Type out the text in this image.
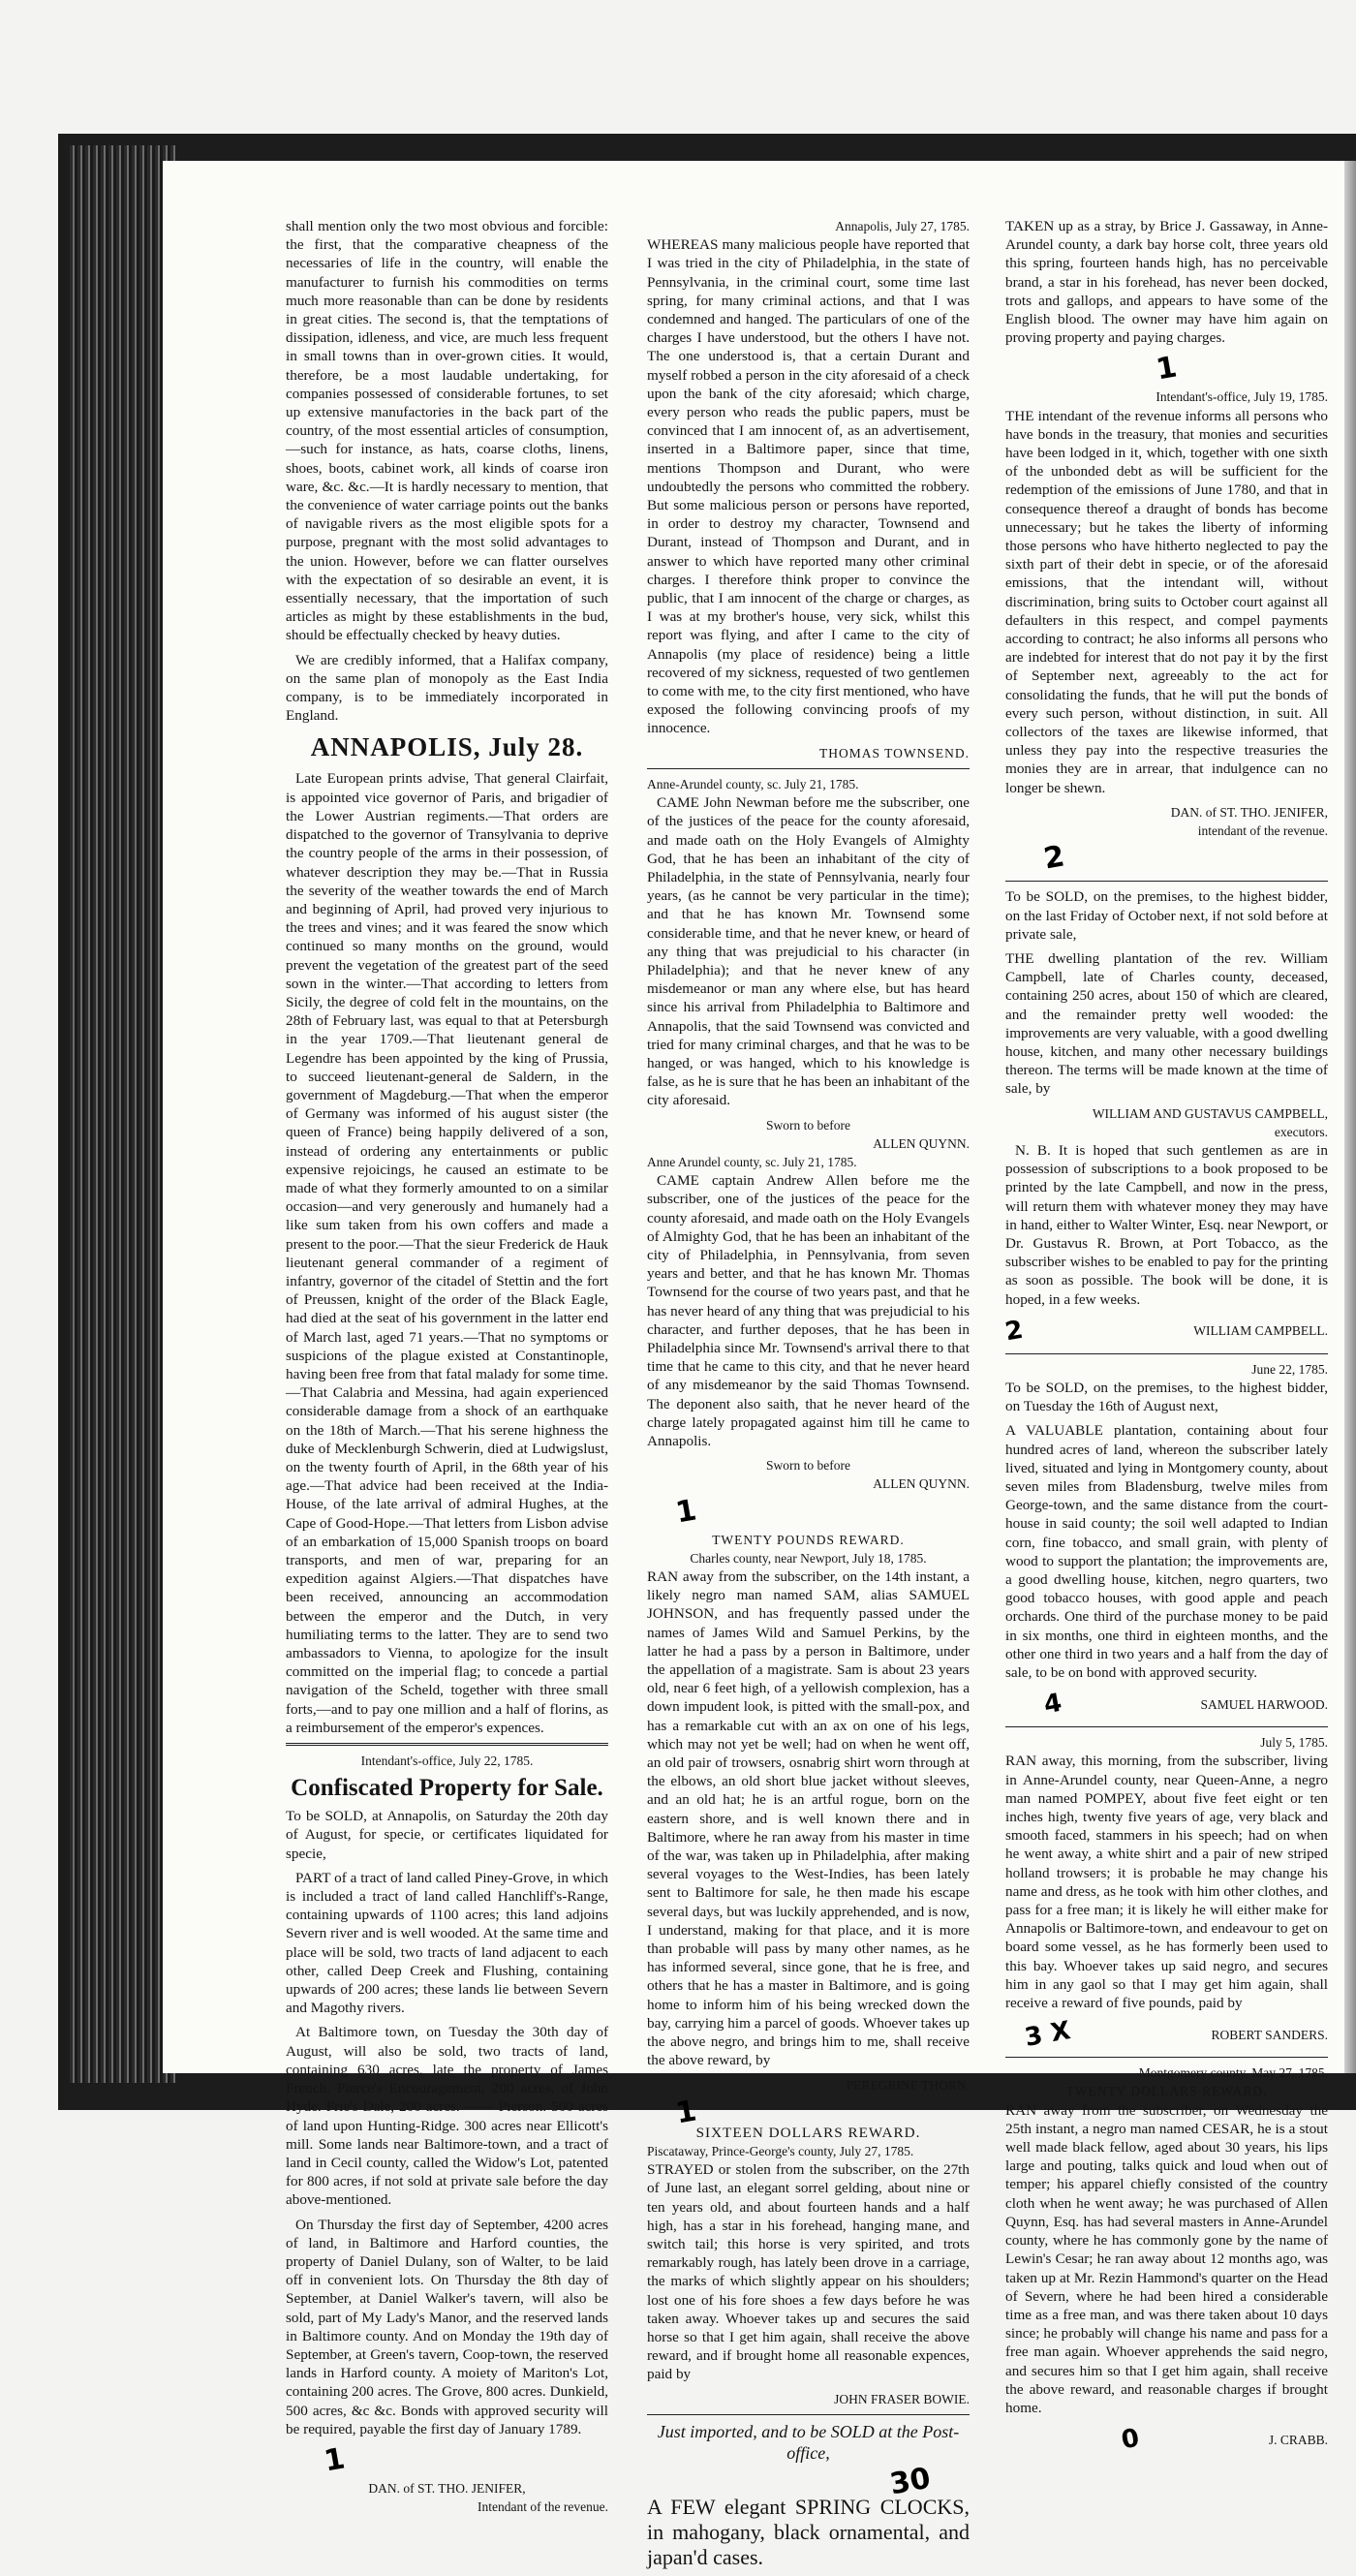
shall mention only the two most obvious and forcible: the first, that the comparative cheapness of the necessaries of life in the country, will enable the manufacturer to furnish his commodities on terms much more reasonable than can be done by residents in great cities. The second is, that the temptations of dissipation, idleness, and vice, are much less frequent in small towns than in over-grown cities. It would, therefore, be a most laudable undertaking, for companies possessed of considerable fortunes, to set up extensive manufactories in the back part of the country, of the most essential articles of consumption,—such for instance, as hats, coarse cloths, linens, shoes, boots, cabinet work, all kinds of coarse iron ware, &c. &c.—It is hardly necessary to mention, that the convenience of water carriage points out the banks of navigable rivers as the most eligible spots for a purpose, pregnant with the most solid advantages to the union. However, before we can flatter ourselves with the expectation of so desirable an event, it is essentially necessary, that the importation of such articles as might by these establishments in the bud, should be effectually checked by heavy duties.

We are credibly informed, that a Halifax company, on the same plan of monopoly as the East India company, is to be immediately incorporated in England.

ANNAPOLIS, July 28.

Late European prints advise, That general Clairfait, is appointed vice governor of Paris, and brigadier of the Lower Austrian regiments.—That orders are dispatched to the governor of Transylvania to deprive the country people of the arms in their possession, of whatever description they may be.—That in Russia the severity of the weather towards the end of March and beginning of April, had proved very injurious to the trees and vines; and it was feared the snow which continued so many months on the ground, would prevent the vegetation of the greatest part of the seed sown in the winter.—That according to letters from Sicily, the degree of cold felt in the mountains, on the 28th of February last, was equal to that at Petersburgh in the year 1709.—That lieutenant general de Legendre has been appointed by the king of Prussia, to succeed lieutenant-general de Saldern, in the government of Magdeburg.—That when the emperor of Germany was informed of his august sister (the queen of France) being happily delivered of a son, instead of ordering any entertainments or public expensive rejoicings, he caused an estimate to be made of what they formerly amounted to on a similar occasion—and very generously and humanely had a like sum taken from his own coffers and made a present to the poor.—That the sieur Frederick de Hauk lieutenant general commander of a regiment of infantry, governor of the citadel of Stettin and the fort of Preussen, knight of the order of the Black Eagle, had died at the seat of his government in the latter end of March last, aged 71 years.—That no symptoms or suspicions of the plague existed at Constantinople, having been free from that fatal malady for some time.—That Calabria and Messina, had again experienced considerable damage from a shock of an earthquake on the 18th of March.—That his serene highness the duke of Mecklenburgh Schwerin, died at Ludwigslust, on the twenty fourth of April, in the 68th year of his age.—That advice had been received at the India-House, of the late arrival of admiral Hughes, at the Cape of Good-Hope.—That letters from Lisbon advise of an embarkation of 15,000 Spanish troops on board transports, and men of war, preparing for an expedition against Algiers.—That dispatches have been received, announcing an accommodation between the emperor and the Dutch, in very humiliating terms to the latter. They are to send two ambassadors to Vienna, to apologize for the insult committed on the imperial flag; to concede a partial navigation of the Scheld, together with three small forts,—and to pay one million and a half of florins, as a reimbursement of the emperor's expences.

Intendant's-office, July 22, 1785.
Confiscated Property for Sale.

To be SOLD, at Annapolis, on Saturday the 20th day of August, for specie, or certificates liquidated for specie,

PART of a tract of land called Piney-Grove, in which is included a tract of land called Hanchliff's-Range, containing upwards of 1100 acres; this land adjoins Severn river and is well wooded. At the same time and place will be sold, two tracts of land adjacent to each other, called Deep Creek and Flushing, containing upwards of 200 acres; these lands lie between Severn and Magothy rivers.

At Baltimore town, on Tuesday the 30th day of August, will also be sold, two tracts of land, containing 630 acres, late the property of James French. Pierce's Encouragement, 200 acres, of John Hyde. Frie's Dale, 200 acres. —— Pierson. 500 acres of land upon Hunting-Ridge. 300 acres near Ellicott's mill. Some lands near Baltimore-town, and a tract of land in Cecil county, called the Widow's Lot, patented for 800 acres, if not sold at private sale before the day above-mentioned.

On Thursday the first day of September, 4200 acres of land, in Baltimore and Harford counties, the property of Daniel Dulany, son of Walter, to be laid off in convenient lots. On Thursday the 8th day of September, at Daniel Walker's tavern, will also be sold, part of My Lady's Manor, and the reserved lands in Baltimore county. And on Monday the 19th day of September, at Green's tavern, Coop-town, the reserved lands in Harford county. A moiety of Mariton's Lot, containing 200 acres. The Grove, 800 acres. Dunkield, 500 acres, &c &c. Bonds with approved security will be required, payable the first day of January 1789.

1
DAN. of ST. THO. JENIFER,
Intendant of the revenue.
Annapolis, July 27, 1785.

WHEREAS many malicious people have reported that I was tried in the city of Philadelphia, in the state of Pennsylvania, in the criminal court, some time last spring, for many criminal actions, and that I was condemned and hanged. The particulars of one of the charges I have understood, but the others I have not. The one understood is, that a certain Durant and myself robbed a person in the city aforesaid of a check upon the bank of the city aforesaid; which charge, every person who reads the public papers, must be convinced that I am innocent of, as an advertisement, inserted in a Baltimore paper, since that time, mentions Thompson and Durant, who were undoubtedly the persons who committed the robbery. But some malicious person or persons have reported, in order to destroy my character, Townsend and Durant, instead of Thompson and Durant, and in answer to which have reported many other criminal charges. I therefore think proper to convince the public, that I am innocent of the charge or charges, as I was at my brother's house, very sick, whilst this report was flying, and after I came to the city of Annapolis (my place of residence) being a little recovered of my sickness, requested of two gentlemen to come with me, to the city first mentioned, who have exposed the following convincing proofs of my innocence.

THOMAS TOWNSEND.
Anne-Arundel county, sc. July 21, 1785.

CAME John Newman before me the subscriber, one of the justices of the peace for the county aforesaid, and made oath on the Holy Evangels of Almighty God, that he has been an inhabitant of the city of Philadelphia, in the state of Pennsylvania, nearly four years, (as he cannot be very particular in the time); and that he has known Mr. Townsend some considerable time, and that he never knew, or heard of any thing that was prejudicial to his character (in Philadelphia); and that he never knew of any misdemeanor or man any where else, but has heard since his arrival from Philadelphia to Baltimore and Annapolis, that the said Townsend was convicted and tried for many criminal charges, and that he was to be hanged, or was hanged, which to his knowledge is false, as he is sure that he has been an inhabitant of the city aforesaid.

Sworn to before
ALLEN QUYNN.
Anne Arundel county, sc. July 21, 1785.

CAME captain Andrew Allen before me the subscriber, one of the justices of the peace for the county aforesaid, and made oath on the Holy Evangels of Almighty God, that he has been an inhabitant of the city of Philadelphia, in Pennsylvania, from seven years and better, and that he has known Mr. Thomas Townsend for the course of two years past, and that he has never heard of any thing that was prejudicial to his character, and further deposes, that he has been in Philadelphia since Mr. Townsend's arrival there to that time that he came to this city, and that he never heard of any misdemeanor by the said Thomas Townsend. The deponent also saith, that he never heard of the charge lately propagated against him till he came to Annapolis.

Sworn to before
ALLEN QUYNN.
1
TWENTY POUNDS REWARD.
Charles county, near Newport, July 18, 1785.

RAN away from the subscriber, on the 14th instant, a likely negro man named SAM, alias SAMUEL JOHNSON, and has frequently passed under the names of James Wild and Samuel Perkins, by the latter he had a pass by a person in Baltimore, under the appellation of a magistrate. Sam is about 23 years old, near 6 feet high, of a yellowish complexion, has a down impudent look, is pitted with the small-pox, and has a remarkable cut with an ax on one of his legs, which may not yet be well; had on when he went off, an old pair of trowsers, osnabrig shirt worn through at the elbows, an old short blue jacket without sleeves, and an old hat; he is an artful rogue, born on the eastern shore, and is well known there and in Baltimore, where he ran away from his master in time of the war, was taken up in Philadelphia, after making several voyages to the West-Indies, has been lately sent to Baltimore for sale, he then made his escape several days, but was luckily apprehended, and is now, I understand, making for that place, and it is more than probable will pass by many other names, as he has informed several, since gone, that he is free, and others that he has a master in Baltimore, and is going home to inform him of his being wrecked down the bay, carrying him a parcel of goods. Whoever takes up the above negro, and brings him to me, shall receive the above reward, by

PEREGRINE THORN.
1
SIXTEEN DOLLARS REWARD.
Piscataway, Prince-George's county, July 27, 1785.

STRAYED or stolen from the subscriber, on the 27th of June last, an elegant sorrel gelding, about nine or ten years old, and about fourteen hands and a half high, has a star in his forehead, hanging mane, and switch tail; this horse is very spirited, and trots remarkably rough, has lately been drove in a carriage, the marks of which slightly appear on his shoulders; lost one of his fore shoes a few days before he was taken away. Whoever takes up and secures the said horse so that I get him again, shall receive the above reward, and if brought home all reasonable expences, paid by

JOHN FRASER BOWIE.
Just imported, and to be SOLD at the Post-office,
30

A FEW elegant SPRING CLOCKS, in mahogany, black ornamental, and japan'd cases.

TAKEN up as a stray, by Brice J. Gassaway, in Anne-Arundel county, a dark bay horse colt, three years old this spring, fourteen hands high, has no perceivable brand, a star in his forehead, has never been docked, trots and gallops, and appears to have some of the English blood. The owner may have him again on proving property and paying charges.

1
Intendant's-office, July 19, 1785.

THE intendant of the revenue informs all persons who have bonds in the treasury, that monies and securities have been lodged in it, which, together with one sixth of the unbonded debt as will be sufficient for the redemption of the emissions of June 1780, and that in consequence thereof a draught of bonds has become unnecessary; but he takes the liberty of informing those persons who have hitherto neglected to pay the sixth part of their debt in specie, or of the aforesaid emissions, that the intendant will, without discrimination, bring suits to October court against all defaulters in this respect, and compel payments according to contract; he also informs all persons who are indebted for interest that do not pay it by the first of September next, agreeably to the act for consolidating the funds, that he will put the bonds of every such person, without distinction, in suit. All collectors of the taxes are likewise informed, that unless they pay into the respective treasuries the monies they are in arrear, that indulgence can no longer be shewn.

DAN. of ST. THO. JENIFER,
intendant of the revenue.
2

To be SOLD, on the premises, to the highest bidder, on the last Friday of October next, if not sold before at private sale,

THE dwelling plantation of the rev. William Campbell, late of Charles county, deceased, containing 250 acres, about 150 of which are cleared, and the remainder pretty well wooded: the improvements are very valuable, with a good dwelling house, kitchen, and many other necessary buildings thereon. The terms will be made known at the time of sale, by

WILLIAM AND GUSTAVUS CAMPBELL,
executors.

N. B. It is hoped that such gentlemen as are in possession of subscriptions to a book proposed to be printed by the late Campbell, and now in the press, will return them with whatever money they may have in hand, either to Walter Winter, Esq. near Newport, or Dr. Gustavus R. Brown, at Port Tobacco, as the subscriber wishes to be enabled to pay for the printing as soon as possible. The book will be done, it is hoped, in a few weeks.

2	WILLIAM CAMPBELL.
June 22, 1785.

To be SOLD, on the premises, to the highest bidder, on Tuesday the 16th of August next,

A VALUABLE plantation, containing about four hundred acres of land, whereon the subscriber lately lived, situated and lying in Montgomery county, about seven miles from Bladensburg, twelve miles from George-town, and the same distance from the court-house in said county; the soil well adapted to Indian corn, fine tobacco, and small grain, with plenty of wood to support the plantation; the improvements are, a good dwelling house, kitchen, negro quarters, two good tobacco houses, with good apple and peach orchards. One third of the purchase money to be paid in six months, one third in eighteen months, and the other one third in two years and a half from the day of sale, to be on bond with approved security.

4	SAMUEL HARWOOD.
July 5, 1785.

RAN away, this morning, from the subscriber, living in Anne-Arundel county, near Queen-Anne, a negro man named POMPEY, about five feet eight or ten inches high, twenty five years of age, very black and smooth faced, stammers in his speech; had on when he went away, a white shirt and a pair of new striped holland trowsers; it is probable he may change his name and dress, as he took with him other clothes, and pass for a free man; it is likely he will either make for Annapolis or Baltimore-town, and endeavour to get on board some vessel, as he has formerly been used to this bay. Whoever takes up said negro, and secures him in any gaol so that I may get him again, shall receive a reward of five pounds, paid by

3 X	ROBERT SANDERS.
Montgomery county, May 27, 1785.
TWENTY DOLLARS REWARD.

RAN away from the subscriber, on Wednesday the 25th instant, a negro man named CESAR, he is a stout well made black fellow, aged about 30 years, his lips large and pouting, talks quick and loud when out of temper; his apparel chiefly consisted of the country cloth when he went away; he was purchased of Allen Quynn, Esq. has had several masters in Anne-Arundel county, where he has commonly gone by the name of Lewin's Cesar; he ran away about 12 months ago, was taken up at Mr. Rezin Hammond's quarter on the Head of Severn, where he had been hired a considerable time as a free man, and was there taken about 10 days since; he probably will change his name and pass for a free man again. Whoever apprehends the said negro, and secures him so that I get him again, shall receive the above reward, and reasonable charges if brought home.

0	J. CRABB.
